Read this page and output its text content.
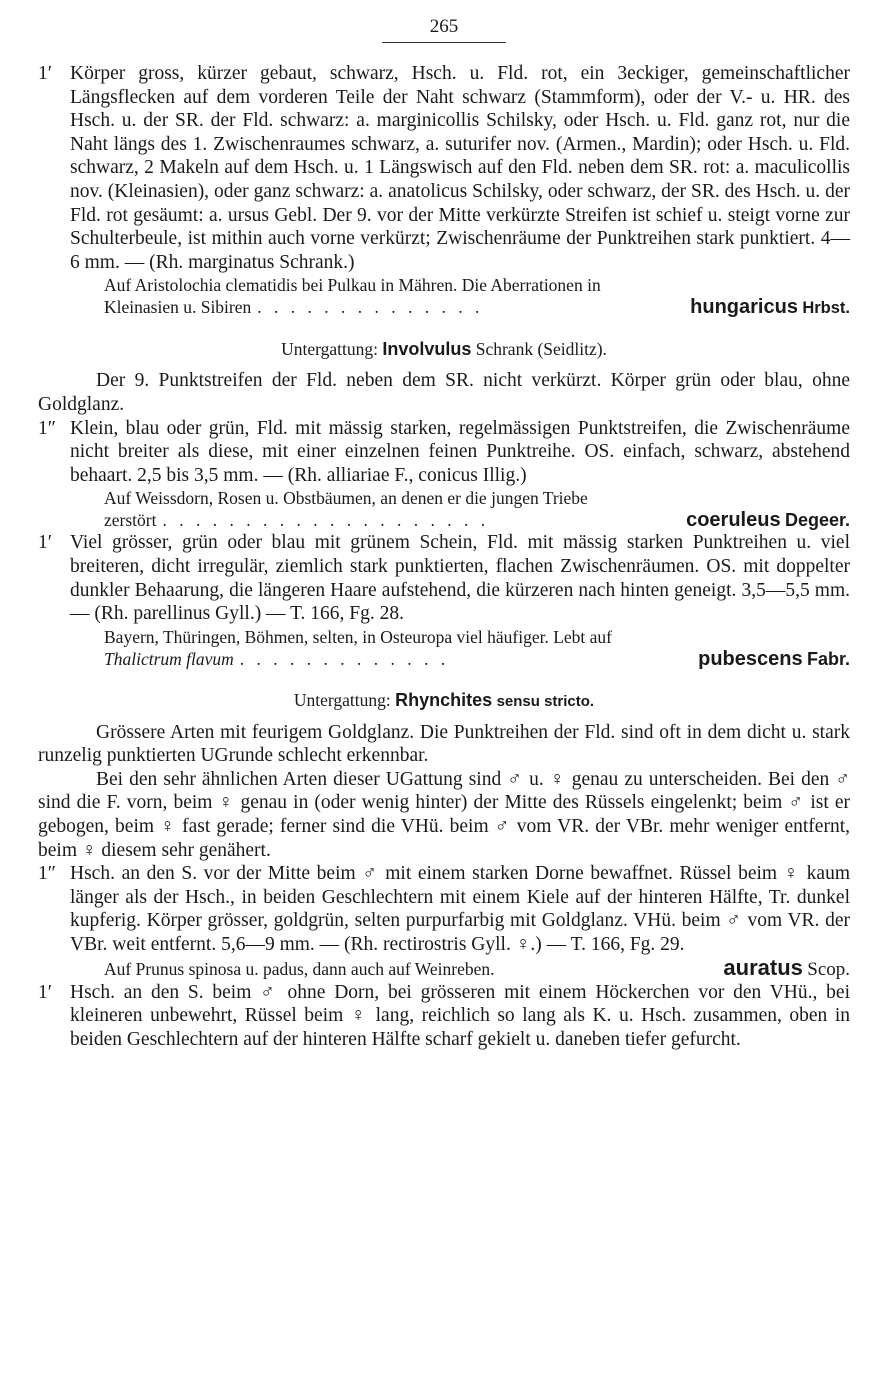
265

1′ Körper gross, kürzer gebaut, schwarz, Hsch. u. Fld. rot, ein 3eckiger, gemeinschaftlicher Längsflecken auf dem vorderen Teile der Naht schwarz (Stammform), oder der V.- u. HR. des Hsch. u. der SR. der Fld. schwarz: a. marginicollis Schilsky, oder Hsch. u. Fld. ganz rot, nur die Naht längs des 1. Zwischenraumes schwarz, a. suturifer nov. (Armen., Mardin); oder Hsch. u. Fld. schwarz, 2 Makeln auf dem Hsch. u. 1 Längswisch auf den Fld. neben dem SR. rot: a. maculicollis nov. (Kleinasien), oder ganz schwarz: a. anatolicus Schilsky, oder schwarz, der SR. des Hsch. u. der Fld. rot gesäumt: a. ursus Gebl. Der 9. vor der Mitte verkürzte Streifen ist schief u. steigt vorne zur Schulterbeule, ist mithin auch vorne verkürzt; Zwischenräume der Punktreihen stark punktiert. 4—6 mm. — (Rh. marginatus Schrank.)

Auf Aristolochia clematidis bei Pulkau in Mähren. Die Aberrationen in

Kleinasien u. Sibiren . . . . . . . . . . . . . .	hungaricus Hrbst.

Untergattung: Involvulus Schrank (Seidlitz).

Der 9. Punktstreifen der Fld. neben dem SR. nicht verkürzt. Körper grün oder blau, ohne Goldglanz.

1″ Klein, blau oder grün, Fld. mit mässig starken, regelmässigen Punktstreifen, die Zwischenräume nicht breiter als diese, mit einer einzelnen feinen Punktreihe. OS. einfach, schwarz, abstehend behaart. 2,5 bis 3,5 mm. — (Rh. alliariae F., conicus Illig.)

Auf Weissdorn, Rosen u. Obstbäumen, an denen er die jungen Triebe

zerstört . . . . . . . . . . . . . . . . . . . .	coeruleus Degeer.

1′ Viel grösser, grün oder blau mit grünem Schein, Fld. mit mässig starken Punktreihen u. viel breiteren, dicht irregulär, ziemlich stark punktierten, flachen Zwischenräumen. OS. mit doppelter dunkler Behaarung, die längeren Haare aufstehend, die kürzeren nach hinten geneigt. 3,5—5,5 mm. — (Rh. parellinus Gyll.) — T. 166, Fg. 28.

Bayern, Thüringen, Böhmen, selten, in Osteuropa viel häufiger. Lebt auf

Thalictrum flavum . . . . . . . . . . . . .	pubescens Fabr.

Untergattung: Rhynchites sensu stricto.

Grössere Arten mit feurigem Goldglanz. Die Punktreihen der Fld. sind oft in dem dicht u. stark runzelig punktierten UGrunde schlecht erkennbar.

Bei den sehr ähnlichen Arten dieser UGattung sind ♂ u. ♀ genau zu unterscheiden. Bei den ♂ sind die F. vorn, beim ♀ genau in (oder wenig hinter) der Mitte des Rüssels eingelenkt; beim ♂ ist er gebogen, beim ♀ fast gerade; ferner sind die VHü. beim ♂ vom VR. der VBr. mehr weniger entfernt, beim ♀ diesem sehr genähert.

1″ Hsch. an den S. vor der Mitte beim ♂ mit einem starken Dorne bewaffnet. Rüssel beim ♀ kaum länger als der Hsch., in beiden Geschlechtern mit einem Kiele auf der hinteren Hälfte, Tr. dunkel kupferig. Körper grösser, goldgrün, selten purpurfarbig mit Goldglanz. VHü. beim ♂ vom VR. der VBr. weit entfernt. 5,6—9 mm. — (Rh. rectirostris Gyll. ♀.) — T. 166, Fg. 29.

Auf Prunus spinosa u. padus, dann auch auf Weinreben.	auratus Scop.

1′ Hsch. an den S. beim ♂ ohne Dorn, bei grösseren mit einem Höckerchen vor den VHü., bei kleineren unbewehrt, Rüssel beim ♀ lang, reichlich so lang als K. u. Hsch. zusammen, oben in beiden Geschlechtern auf der hinteren Hälfte scharf gekielt u. daneben tiefer gefurcht.
